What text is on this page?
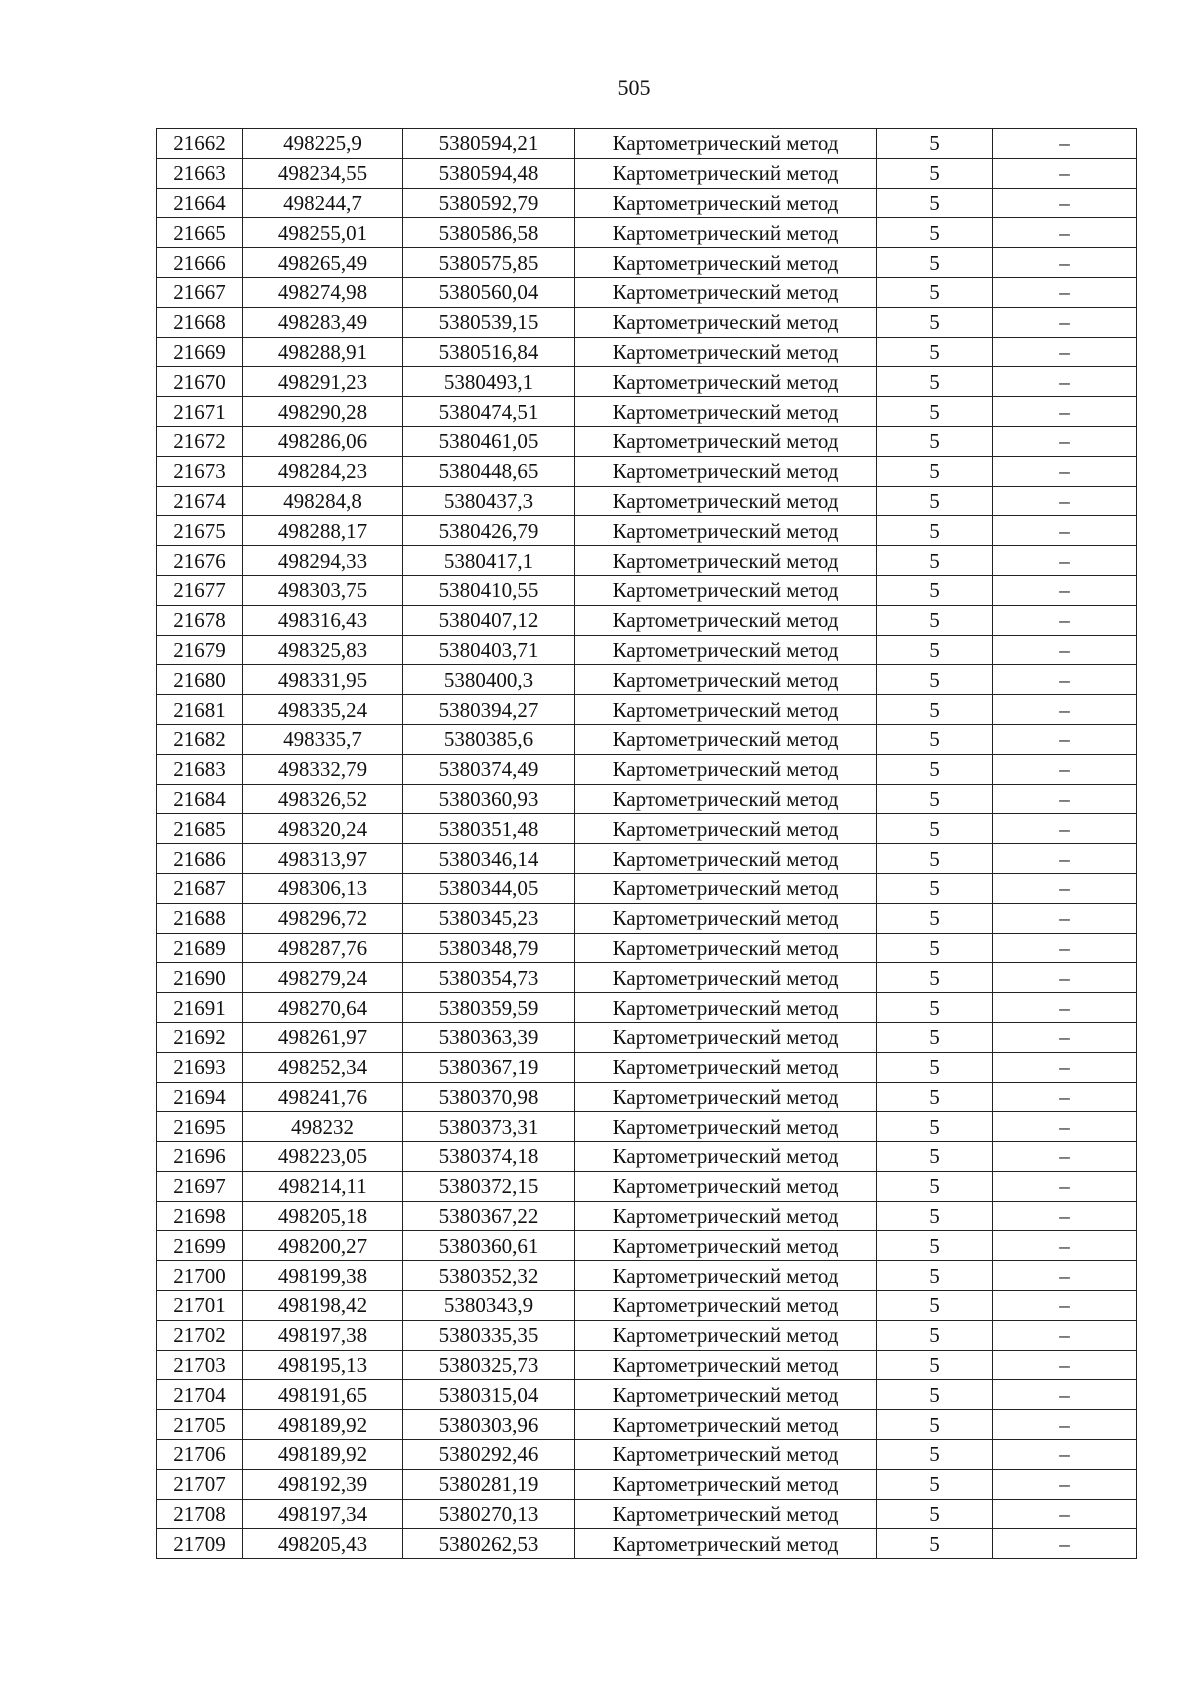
505
21662	498225,9	5380594,21	Картометрический метод	5	–
21663	498234,55	5380594,48	Картометрический метод	5	–
21664	498244,7	5380592,79	Картометрический метод	5	–
21665	498255,01	5380586,58	Картометрический метод	5	–
21666	498265,49	5380575,85	Картометрический метод	5	–
21667	498274,98	5380560,04	Картометрический метод	5	–
21668	498283,49	5380539,15	Картометрический метод	5	–
21669	498288,91	5380516,84	Картометрический метод	5	–
21670	498291,23	5380493,1	Картометрический метод	5	–
21671	498290,28	5380474,51	Картометрический метод	5	–
21672	498286,06	5380461,05	Картометрический метод	5	–
21673	498284,23	5380448,65	Картометрический метод	5	–
21674	498284,8	5380437,3	Картометрический метод	5	–
21675	498288,17	5380426,79	Картометрический метод	5	–
21676	498294,33	5380417,1	Картометрический метод	5	–
21677	498303,75	5380410,55	Картометрический метод	5	–
21678	498316,43	5380407,12	Картометрический метод	5	–
21679	498325,83	5380403,71	Картометрический метод	5	–
21680	498331,95	5380400,3	Картометрический метод	5	–
21681	498335,24	5380394,27	Картометрический метод	5	–
21682	498335,7	5380385,6	Картометрический метод	5	–
21683	498332,79	5380374,49	Картометрический метод	5	–
21684	498326,52	5380360,93	Картометрический метод	5	–
21685	498320,24	5380351,48	Картометрический метод	5	–
21686	498313,97	5380346,14	Картометрический метод	5	–
21687	498306,13	5380344,05	Картометрический метод	5	–
21688	498296,72	5380345,23	Картометрический метод	5	–
21689	498287,76	5380348,79	Картометрический метод	5	–
21690	498279,24	5380354,73	Картометрический метод	5	–
21691	498270,64	5380359,59	Картометрический метод	5	–
21692	498261,97	5380363,39	Картометрический метод	5	–
21693	498252,34	5380367,19	Картометрический метод	5	–
21694	498241,76	5380370,98	Картометрический метод	5	–
21695	498232	5380373,31	Картометрический метод	5	–
21696	498223,05	5380374,18	Картометрический метод	5	–
21697	498214,11	5380372,15	Картометрический метод	5	–
21698	498205,18	5380367,22	Картометрический метод	5	–
21699	498200,27	5380360,61	Картометрический метод	5	–
21700	498199,38	5380352,32	Картометрический метод	5	–
21701	498198,42	5380343,9	Картометрический метод	5	–
21702	498197,38	5380335,35	Картометрический метод	5	–
21703	498195,13	5380325,73	Картометрический метод	5	–
21704	498191,65	5380315,04	Картометрический метод	5	–
21705	498189,92	5380303,96	Картометрический метод	5	–
21706	498189,92	5380292,46	Картометрический метод	5	–
21707	498192,39	5380281,19	Картометрический метод	5	–
21708	498197,34	5380270,13	Картометрический метод	5	–
21709	498205,43	5380262,53	Картометрический метод	5	–
